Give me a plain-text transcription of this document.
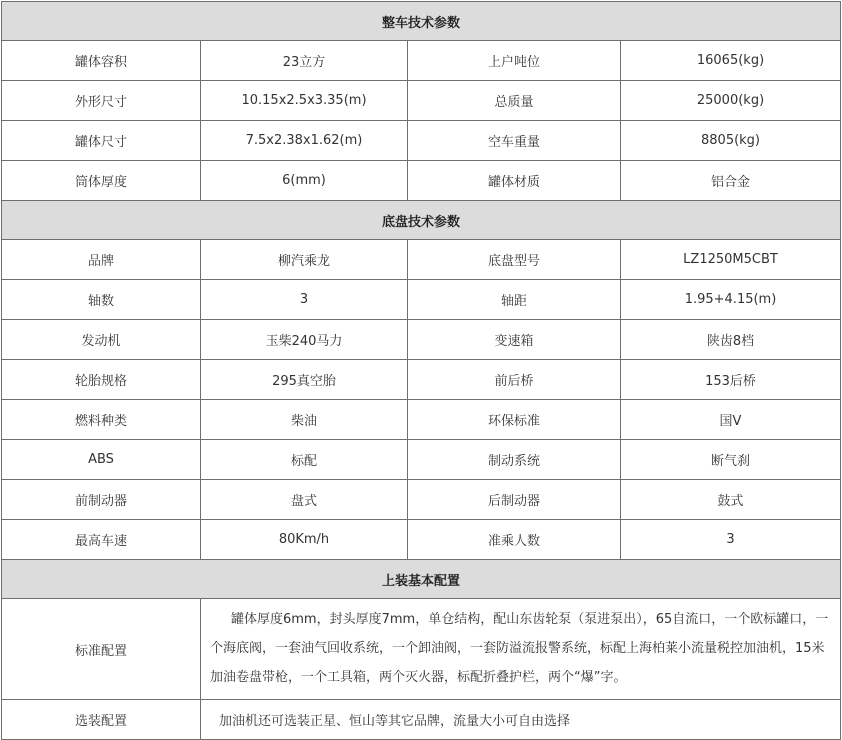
整车技术参数			
罐体容积	23立方	上户吨位	16065(kg)
外形尺寸	10.15x2.5x3.35(m)	总质量	25000(kg)
罐体尺寸	7.5x2.38x1.62(m)	空车重量	8805(kg)
筒体厚度	6(mm)	罐体材质	铝合金
底盘技术参数			
品牌	柳汽乘龙	底盘型号	LZ1250M5CBT
轴数	3	轴距	1.95+4.15(m)
发动机	玉柴240马力	变速箱	陕齿8档
轮胎规格	295真空胎	前后桥	153后桥
燃料种类	柴油	环保标准	国V
ABS	标配	制动系统	断气刹
前制动器	盘式	后制动器	鼓式
最高车速	80Km/h	准乘人数	3
上装基本配置			
标准配置	罐体厚度6mm，封头厚度7mm，单仓结构，配山东齿轮泵（泵进泵出），65自流口，一个欧标罐口，一个海底阀，一套油气回收系统，一个卸油阀，一套防溢流报警系统，标配上海柏莱小流量税控加油机，15米加油卷盘带枪，一个工具箱，两个灭火器，标配折叠护栏，两个“爆”字。		
选装配置	加油机还可选装正星、恒山等其它品牌，流量大小可自由选择		
